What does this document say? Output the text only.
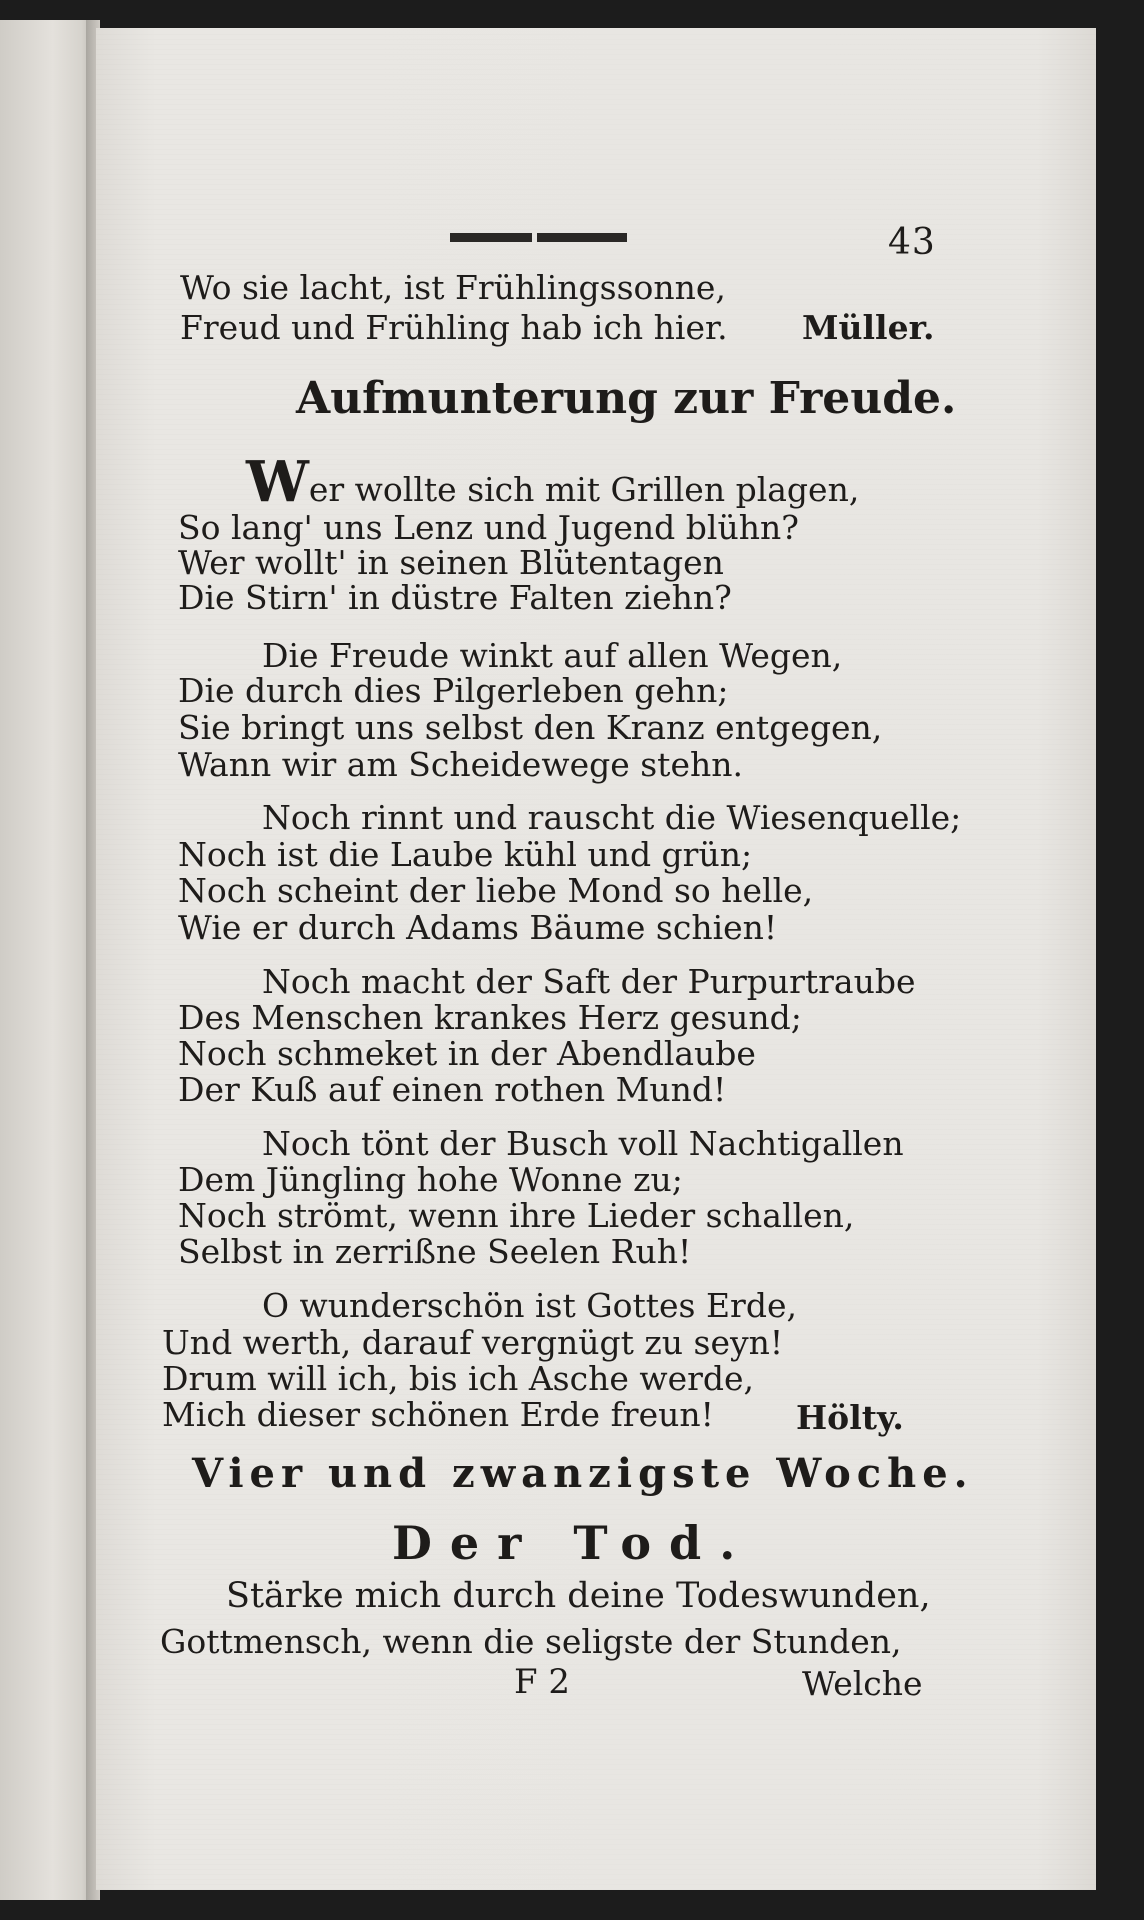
43
Wo sie lacht, ist Frühlingssonne,
Freud und Frühling hab ich hier. Müller.
Aufmunterung zur Freude.
Wer wollte sich mit Grillen plagen,
So lang' uns Lenz und Jugend blühn?
Wer wollt' in seinen Blütentagen
Die Stirn' in düstre Falten ziehn?
Die Freude winkt auf allen Wegen,
Die durch dies Pilgerleben gehn;
Sie bringt uns selbst den Kranz entgegen,
Wann wir am Scheidewege stehn.
Noch rinnt und rauscht die Wiesenquelle;
Noch ist die Laube kühl und grün;
Noch scheint der liebe Mond so helle,
Wie er durch Adams Bäume schien!
Noch macht der Saft der Purpurtraube
Des Menschen krankes Herz gesund;
Noch schmeket in der Abendlaube
Der Kuß auf einen rothen Mund!
Noch tönt der Busch voll Nachtigallen
Dem Jüngling hohe Wonne zu;
Noch strömt, wenn ihre Lieder schallen,
Selbst in zerrißne Seelen Ruh!
O wunderschön ist Gottes Erde,
Und werth, darauf vergnügt zu seyn!
Drum will ich, bis ich Asche werde,
Mich dieser schönen Erde freun! Hölty.
Vier und zwanzigste Woche.
Der Tod.
Stärke mich durch deine Todeswunden,
Gottmensch, wenn die seligste der Stunden,
F 2	Welche
